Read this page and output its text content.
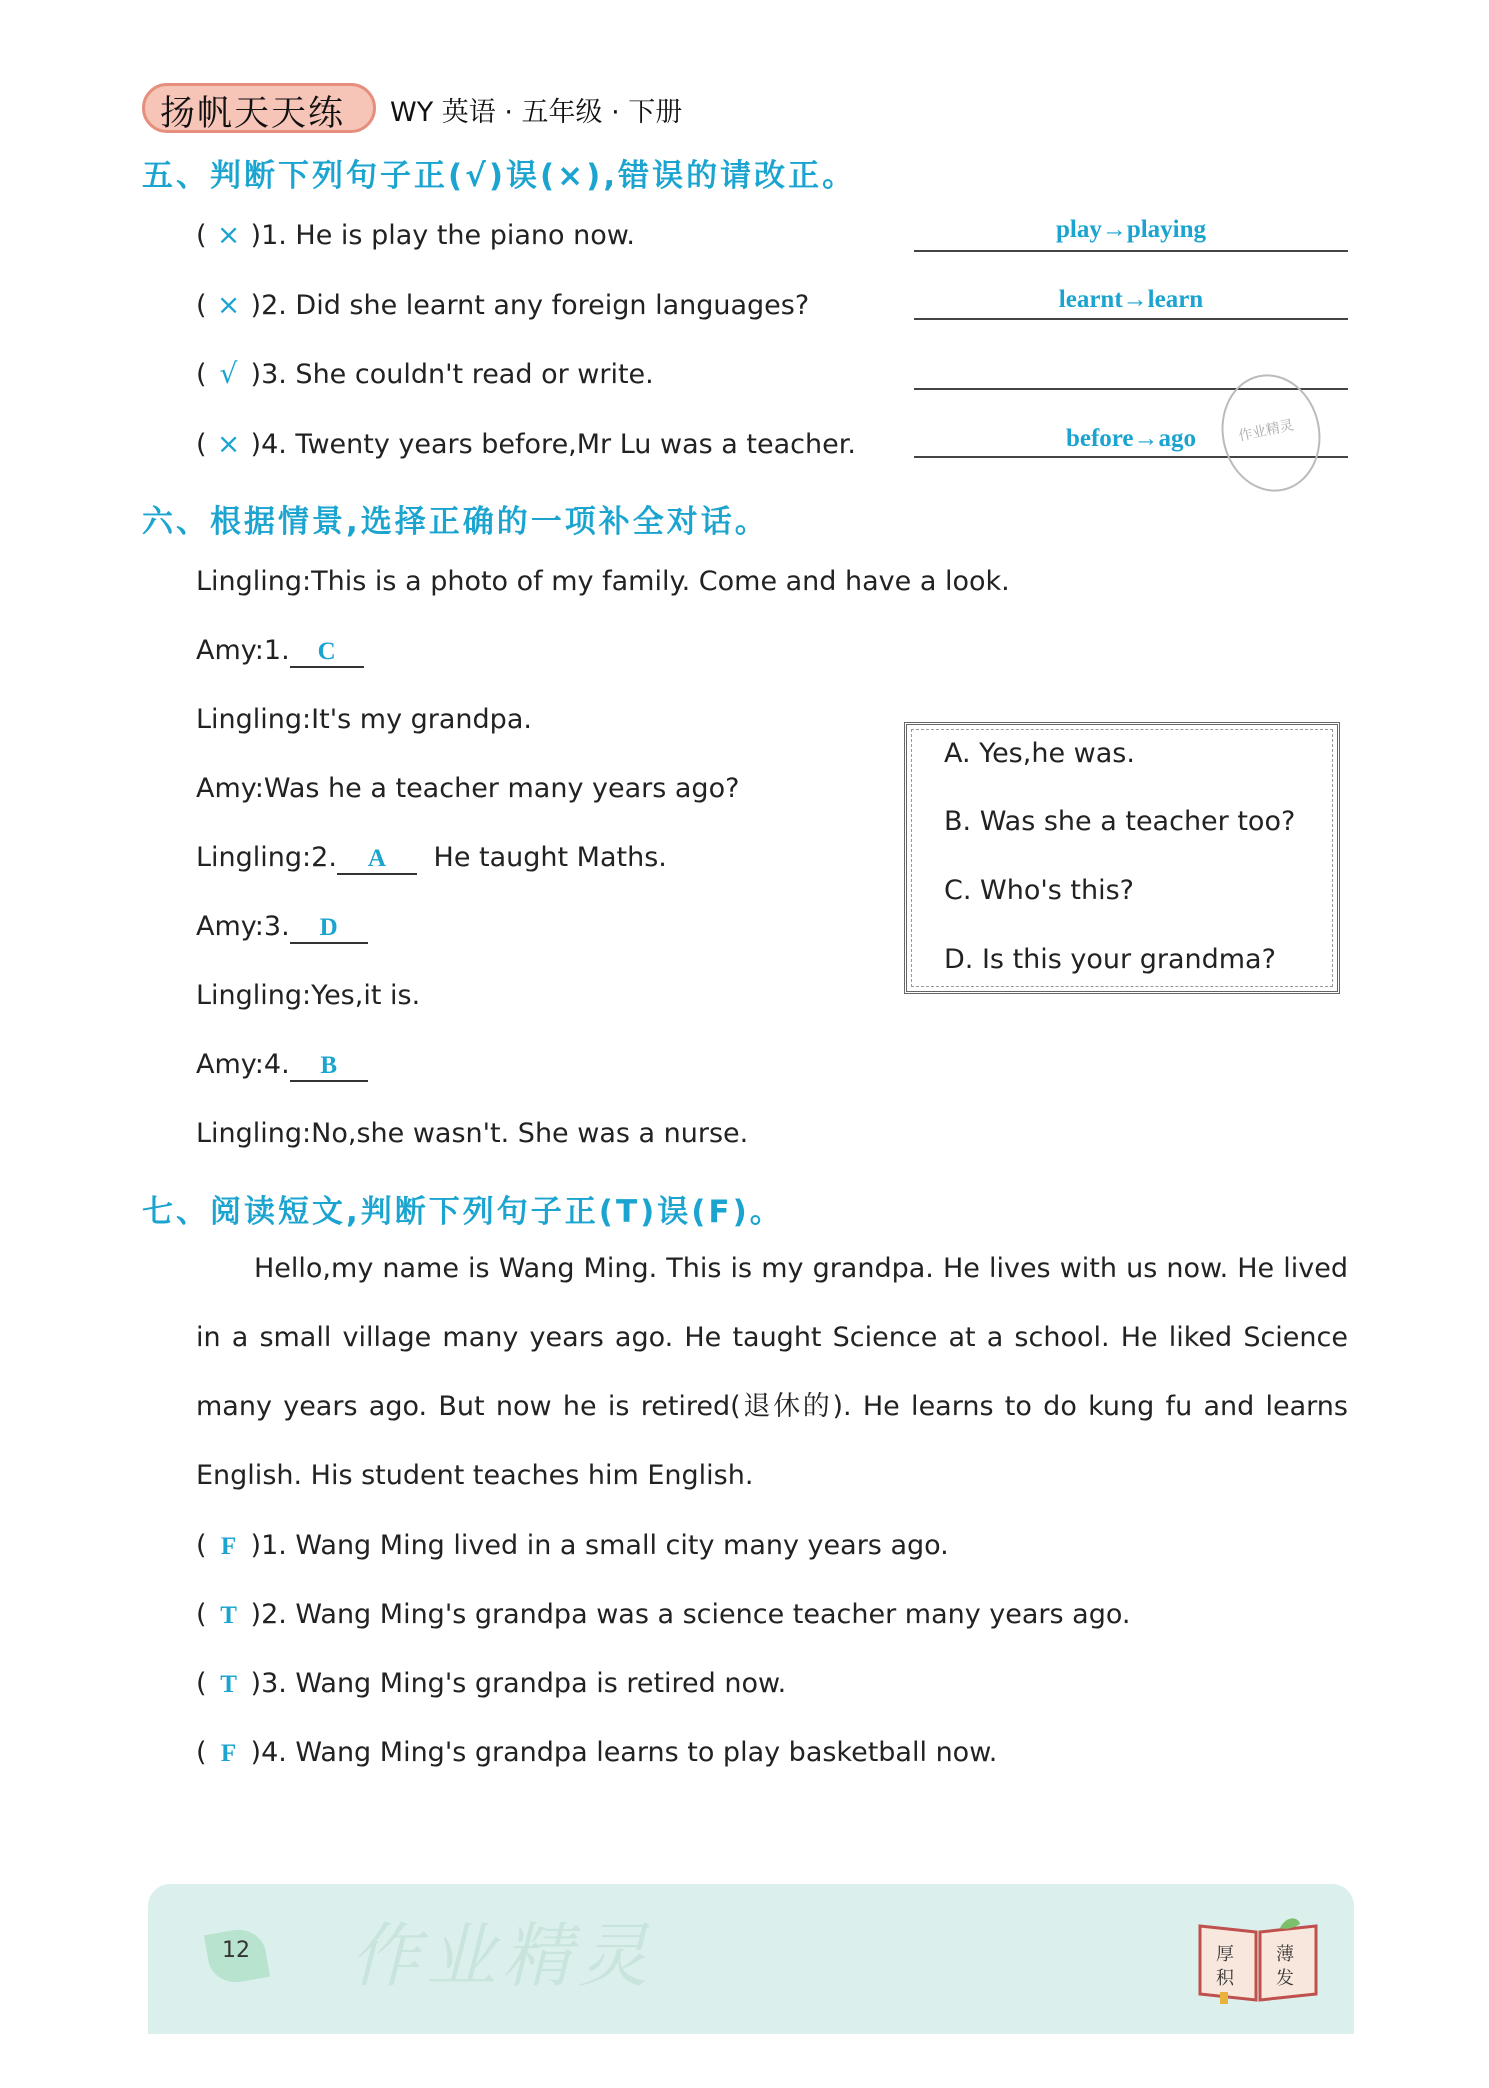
扬帆天天练 WY 英语 · 五年级 · 下册
五、判断下列句子正(√)误(×),错误的请改正。
( × )1. He is play the piano now.	play→playing
( × )2. Did she learnt any foreign languages?	learnt→learn
( √ )3. She couldn't read or write.
( × )4. Twenty years before,Mr Lu was a teacher.	before→ago	作业精灵
六、根据情景,选择正确的一项补全对话。
Lingling:This is a photo of my family. Come and have a look.
Amy:1. C
Lingling:It's my grandpa.
Amy:Was he a teacher many years ago?
Lingling:2. A He taught Maths.
Amy:3. D
Lingling:Yes,it is.
Amy:4. B
Lingling:No,she wasn't. She was a nurse.
A. Yes,he was.
B. Was she a teacher too?
C. Who's this?
D. Is this your grandma?
七、阅读短文,判断下列句子正(T)误(F)。
Hello,my name is Wang Ming. This is my grandpa. He lives with us now. He lived in a small village many years ago. He taught Science at a school. He liked Science many years ago. But now he is retired(退休的). He learns to do kung fu and learns English. His student teaches him English.
( F )1. Wang Ming lived in a small city many years ago.
( T )2. Wang Ming's grandpa was a science teacher many years ago.
( T )3. Wang Ming's grandpa is retired now.
( F )4. Wang Ming's grandpa learns to play basketball now.
12 作业精灵	厚 薄
积 发
